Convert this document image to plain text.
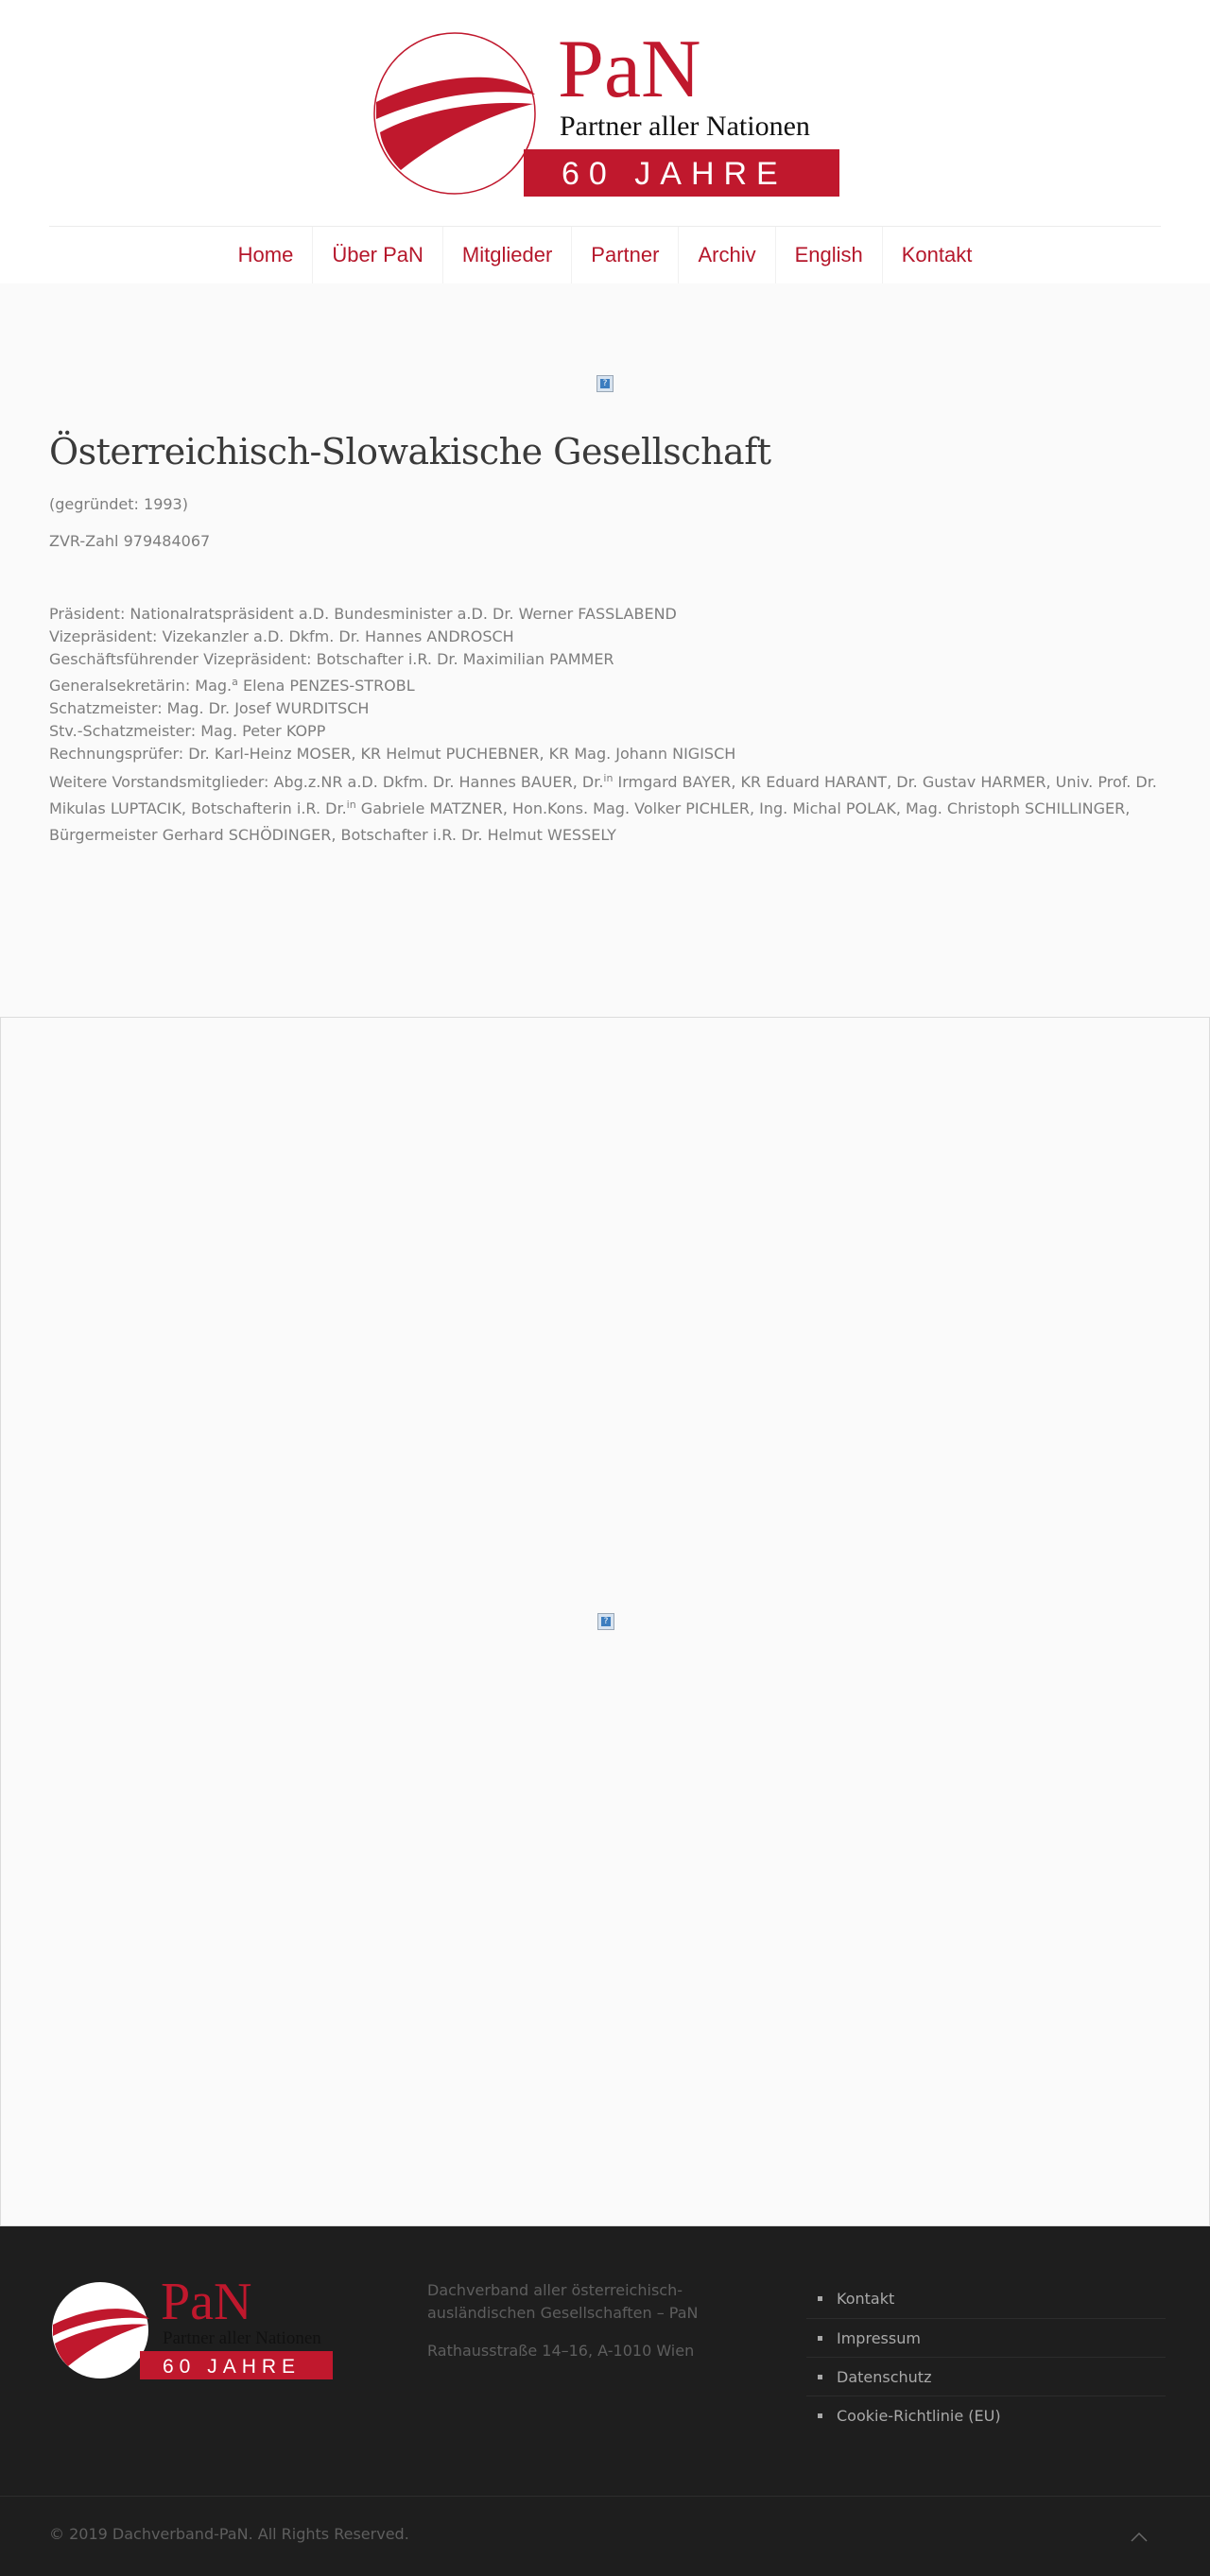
PaN
Partner aller Nationen
60 JAHRE
Home	Über PaN	Mitglieder	Partner	Archiv	English	Kontakt
?
Österreichisch-Slowakische Gesellschaft

(gegründet: 1993)

ZVR-Zahl 979484067

Präsident: Nationalratspräsident a.D. Bundesminister a.D. Dr. Werner FASSLABEND
Vizepräsident: Vizekanzler a.D. Dkfm. Dr. Hannes ANDROSCH
Geschäftsführender Vizepräsident: Botschafter i.R. Dr. Maximilian PAMMER
Generalsekretärin: Mag.$^a$ Elena PENZES-STROBL
Schatzmeister: Mag. Dr. Josef WURDITSCH
Stv.-Schatzmeister: Mag. Peter KOPP
Rechnungsprüfer: Dr. Karl-Heinz MOSER, KR Helmut PUCHEBNER, KR Mag. Johann NIGISCH
Weitere Vorstandsmitglieder: Abg.z.NR a.D. Dkfm. Dr. Hannes BAUER, Dr.$^{in}$ Irmgard BAYER, KR Eduard HARANT, Dr. Gustav HARMER, Univ. Prof. Dr. Mikulas LUPTACIK, Botschafterin i.R. Dr.$^{in}$ Gabriele MATZNER, Hon.Kons. Mag. Volker PICHLER, Ing. Michal POLAK, Mag. Christoph SCHILLINGER, Bürgermeister Gerhard SCHÖDINGER, Botschafter i.R. Dr. Helmut WESSELY
?
PaN
Partner aller Nationen
60 JAHRE

Dachverband aller österreichisch-ausländischen Gesellschaften – PaN

Rathausstraße 14–16, A-1010 Wien

Kontakt
Impressum
Datenschutz
Cookie-Richtlinie (EU)
© 2019 Dachverband-PaN. All Rights Reserved.
